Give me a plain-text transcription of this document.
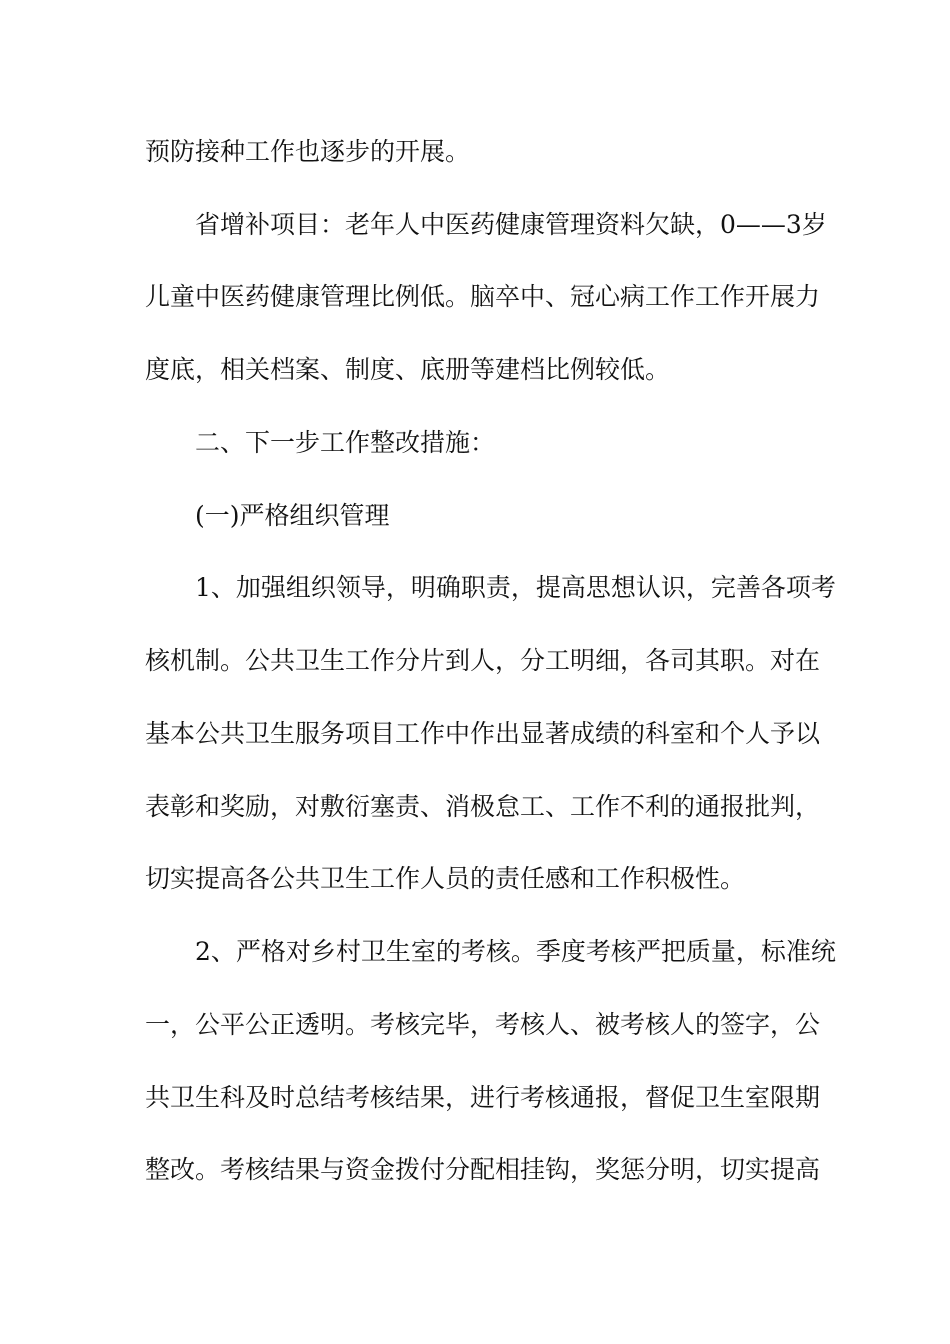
预防接种工作也逐步的开展。
省增补项目：老年人中医药健康管理资料欠缺，0——3岁
儿童中医药健康管理比例低。脑卒中、冠心病工作工作开展力
度底，相关档案、制度、底册等建档比例较低。
二、下一步工作整改措施：
(一)严格组织管理
1、加强组织领导，明确职责，提高思想认识，完善各项考
核机制。公共卫生工作分片到人，分工明细，各司其职。对在
基本公共卫生服务项目工作中作出显著成绩的科室和个人予以
表彰和奖励，对敷衍塞责、消极怠工、工作不利的通报批判，
切实提高各公共卫生工作人员的责任感和工作积极性。
2、严格对乡村卫生室的考核。季度考核严把质量，标准统
一，公平公正透明。考核完毕，考核人、被考核人的签字，公
共卫生科及时总结考核结果，进行考核通报，督促卫生室限期
整改。考核结果与资金拨付分配相挂钩，奖惩分明，切实提高
